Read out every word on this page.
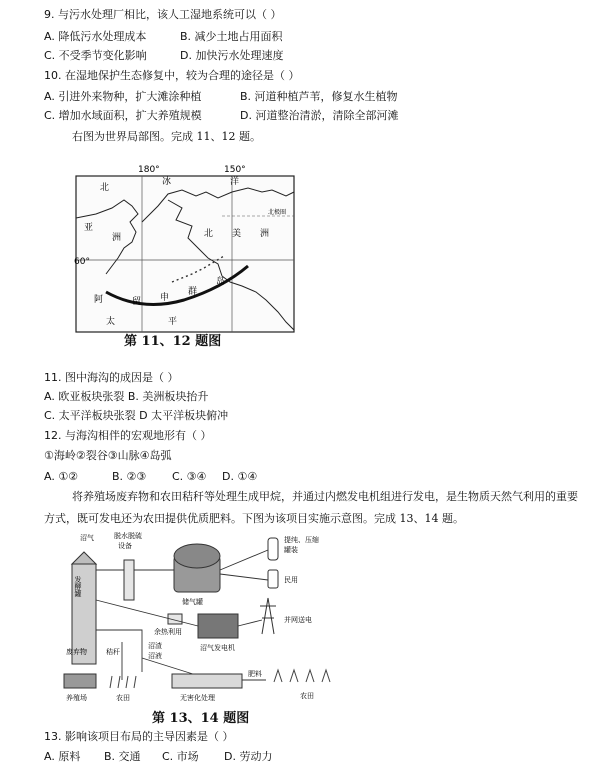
9. 与污水处理厂相比，该人工湿地系统可以（ ）
A. 降低污水处理成本	B. 减少土地占用面积
C. 不受季节变化影响	D. 加快污水处理速度
10. 在湿地保护生态修复中，较为合理的途径是（ ）
A. 引进外来物种，扩大滩涂种植	B. 河道种植芦苇，修复水生植物
C. 增加水域面积，扩大养殖规模	D. 河道整治清淤，清除全部河滩
右图为世界局部图。完成 11、12 题。
180°	150°
60°
北
冰	洋
北极圈
亚
洲	北 美 洲
阿	留 申
群
岛
太	平
第 11、12 题图
11. 图中海沟的成因是（ ）
A. 欧亚板块张裂 B. 美洲板块抬升
C. 太平洋板块张裂 D 太平洋板块俯冲
12. 与海沟相伴的宏观地形有（ ）
①海岭②裂谷③山脉④岛弧
A. ①②	B. ②③ C. ③④ D. ①④
将养殖场废弃物和农田秸秆等处理生成甲烷，并通过内燃发电机组进行发电，是生物质天然气利用的重要方式，既可发电还为农田提供优质肥料。下图为该项目实施示意图。完成 13、14 题。
发酵罐
沼气	脱水脱硫
设备
储气罐
提纯、压缩
罐装
民用
并网送电
余热利用
沼气发电机
秸秆
沼渣
沼液
废弃物
养殖场	农田	无害化处理
肥料
农田
第 13、14 题图
13. 影响该项目布局的主导因素是（ ）
A. 原料 B. 交通 C. 市场 D. 劳动力
